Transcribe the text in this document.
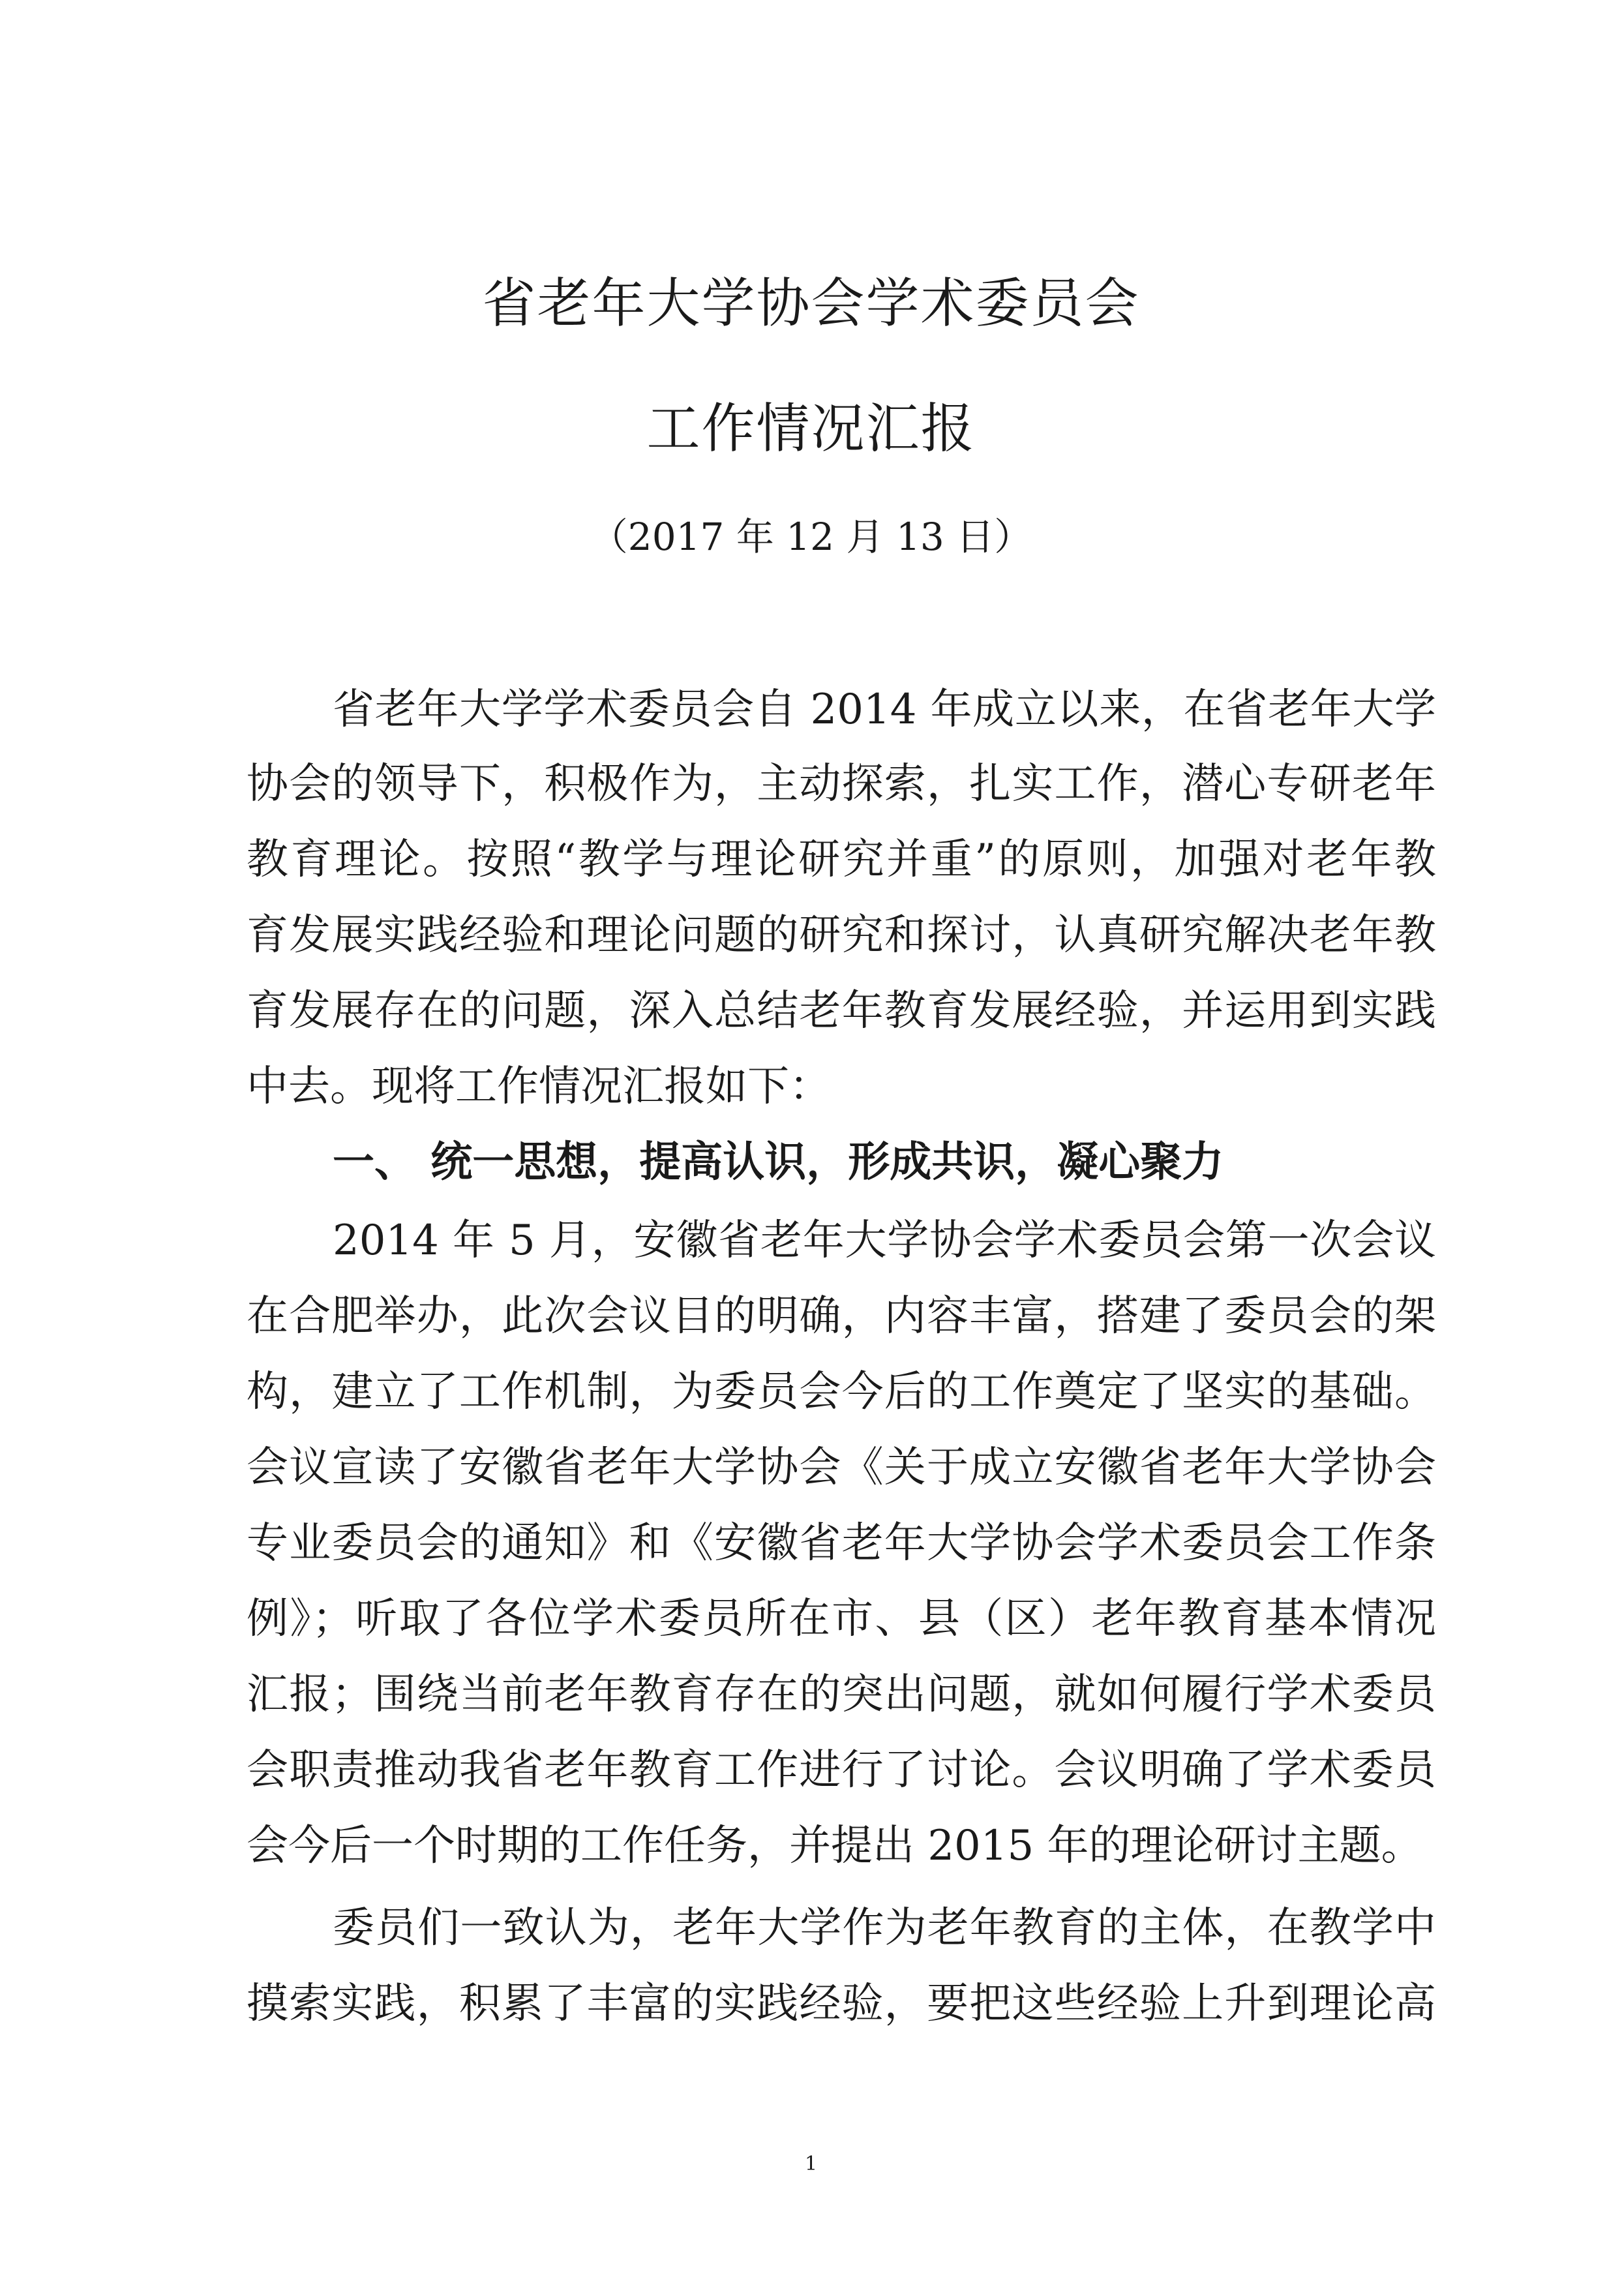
省老年大学协会学术委员会
工作情况汇报
（2017 年 12 月 13 日）
省老年大学学术委员会自 2014 年成立以来，在省老年大学
协会的领导下，积极作为，主动探索，扎实工作，潜心专研老年
教育理论。按照“教学与理论研究并重”的原则，加强对老年教
育发展实践经验和理论问题的研究和探讨，认真研究解决老年教
育发展存在的问题，深入总结老年教育发展经验，并运用到实践
中去。现将工作情况汇报如下：
一、 统一思想，提高认识，形成共识，凝心聚力
2014 年 5 月，安徽省老年大学协会学术委员会第一次会议
在合肥举办，此次会议目的明确，内容丰富，搭建了委员会的架
构，建立了工作机制，为委员会今后的工作奠定了坚实的基础。
会议宣读了安徽省老年大学协会《关于成立安徽省老年大学协会
专业委员会的通知》和《安徽省老年大学协会学术委员会工作条
例》；听取了各位学术委员所在市、县（区）老年教育基本情况
汇报；围绕当前老年教育存在的突出问题，就如何履行学术委员
会职责推动我省老年教育工作进行了讨论。会议明确了学术委员
会今后一个时期的工作任务，并提出 2015 年的理论研讨主题。
委员们一致认为，老年大学作为老年教育的主体，在教学中
摸索实践，积累了丰富的实践经验，要把这些经验上升到理论高
1
